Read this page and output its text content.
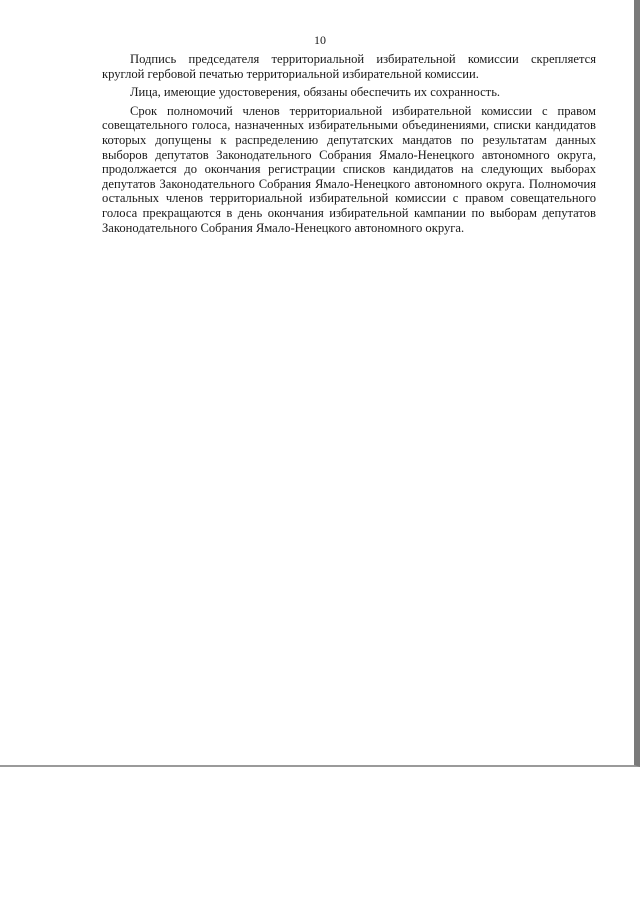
10

Подпись председателя территориальной избирательной комиссии скрепляется круглой гербовой печатью территориальной избирательной комиссии.

Лица, имеющие удостоверения, обязаны обеспечить их сохранность.

Срок полномочий членов территориальной избирательной комиссии с правом совещательного голоса, назначенных избирательными объединениями, списки кандидатов которых допущены к распределению депутатских мандатов по результатам данных выборов депутатов Законодательного Собрания Ямало-Ненецкого автономного округа, продолжается до окончания регистрации списков кандидатов на следующих выборах депутатов Законодательного Собрания Ямало-Ненецкого автономного округа. Полномочия остальных членов территориальной избирательной комиссии с правом совещательного голоса прекращаются в день окончания избирательной кампании по выборам депутатов Законодательного Собрания Ямало-Ненецкого автономного округа.
